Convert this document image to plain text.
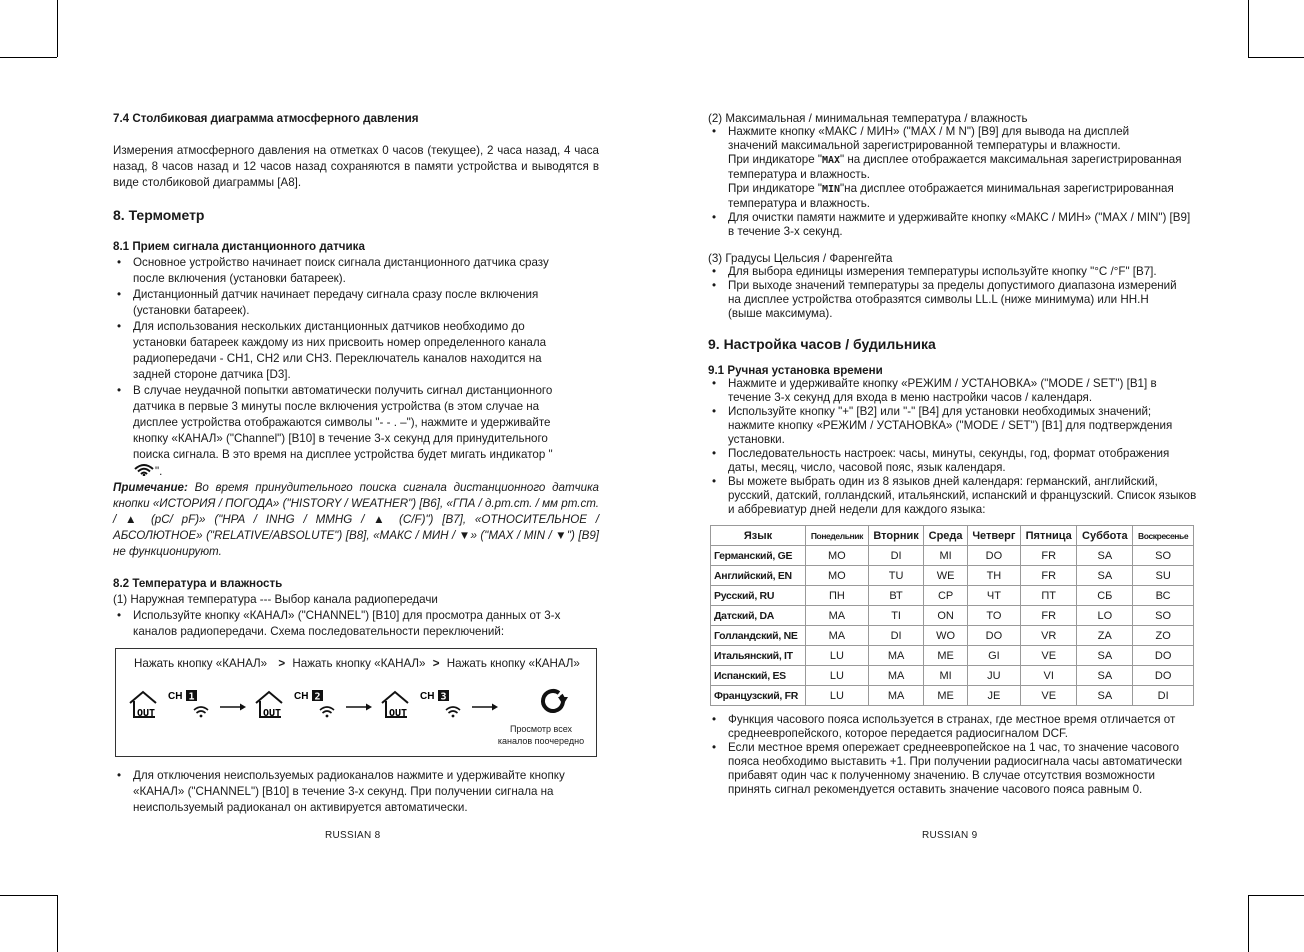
7.4 Столбиковая диаграмма атмосферного давления
Измерения атмосферного давления на отметках 0 часов (текущее), 2 часа назад, 4 часа назад, 8 часов назад и 12 часов назад сохраняются в памяти устройства и выводятся в виде столбиковой диаграммы [A8].
8. Термометр
8.1 Прием сигнала дистанционного датчика
• Основное устройство начинает поиск сигнала дистанционного датчика сразу после включения (установки батареек).
• Дистанционный датчик начинает передачу сигнала сразу после включения (установки батареек).
• Для использования нескольких дистанционных датчиков необходимо до установки батареек каждому из них присвоить номер определенного канала радиопередачи - CH1, CH2 или CH3. Переключатель каналов находится на задней стороне датчика [D3].
• В случае неудачной попытки автоматически получить сигнал дистанционного датчика в первые 3 минуты после включения устройства (в этом случае на дисплее устройства отображаются символы "- - . –"), нажмите и удерживайте кнопку «КАНАЛ» ("Channel") [B10] в течение 3-х секунд для принудительного поиска сигнала. В это время на дисплее устройства будет мигать индикатор "".
Примечание: Во время принудительного поиска сигнала дистанционного датчика кнопки «ИСТОРИЯ / ПОГОДА» ("HISTORY / WEATHER") [B6], «ГПА / д.рт.ст. / мм рт.ст. / ▲ (pC/ pF)» ("HPA / INHG / MMHG / ▲ (C/F)") [B7], «ОТНОСИТЕЛЬНОЕ / АБСОЛЮТНОЕ» ("RELATIVE/ABSOLUTE") [B8], «МАКС / МИН / ▼» ("MAX / MIN / ▼") [B9] не функционируют.
8.2 Температура и влажность
(1) Наружная температура --- Выбор канала радиопередачи
• Используйте кнопку «КАНАЛ» ("CHANNEL") [B10] для просмотра данных от 3-х каналов радиопередачи. Схема последовательности переключений:
Нажать кнопку «КАНАЛ» > Нажать кнопку «КАНАЛ» > Нажать кнопку «КАНАЛ»
OUT
CH 1
OUT
CH 2
OUT
CH 3
Просмотр всех
каналов поочередно
• Для отключения неиспользуемых радиоканалов нажмите и удерживайте кнопку «КАНАЛ» ("CHANNEL") [B10] в течение 3-х секунд. При получении сигнала на неиспользуемый радиоканал он активируется автоматически.
RUSSIAN 8
(2) Максимальная / минимальная температура / влажность
• Нажмите кнопку «МАКС / МИН» ("MAX / M N") [B9] для вывода на дисплей значений максимальной зарегистрированной температуры и влажности.
При индикаторе "MAX" на дисплее отображается максимальная зарегистрированная температура и влажность.
При индикаторе "MIN"на дисплее отображается минимальная зарегистрированная температура и влажность.
• Для очистки памяти нажмите и удерживайте кнопку «МАКС / МИН» ("MAX / MIN") [B9] в течение 3-х секунд.
(3) Градусы Цельсия / Фаренгейта
• Для выбора единицы измерения температуры используйте кнопку "°C /°F" [B7].
• При выходе значений температуры за пределы допустимого диапазона измерений на дисплее устройства отобразятся символы LL.L (ниже минимума) или HH.H (выше максимума).
9. Настройка часов / будильника
9.1 Ручная установка времени
• Нажмите и удерживайте кнопку «РЕЖИМ / УСТАНОВКА» ("MODE / SET") [B1] в течение 3-х секунд для входа в меню настройки часов / календаря.
• Используйте кнопку "+" [B2] или "-" [B4] для установки необходимых значений; нажмите кнопку «РЕЖИМ / УСТАНОВКА» ("MODE / SET") [B1] для подтверждения установки.
• Последовательность настроек: часы, минуты, секунды, год, формат отображения даты, месяц, число, часовой пояс, язык календаря.
• Вы можете выбрать один из 8 языков дней календаря: германский, английский, русский, датский, голландский, итальянский, испанский и французский. Список языков и аббревиатур дней недели для каждого языка:
Язык	Понедельник	Вторник	Среда	Четверг	Пятница	Суббота	Воскресенье
Германский, GE	MO	DI	MI	DO	FR	SA	SO
Английский, EN	MO	TU	WE	TH	FR	SA	SU
Русский, RU	ПН	ВТ	СР	ЧТ	ПТ	СБ	ВС
Датский, DA	MA	TI	ON	TO	FR	LO	SO
Голландский, NE	MA	DI	WO	DO	VR	ZA	ZO
Итальянский, IT	LU	MA	ME	GI	VE	SA	DO
Испанский, ES	LU	MA	MI	JU	VI	SA	DO
Французский, FR	LU	MA	ME	JE	VE	SA	DI
• Функция часового пояса используется в странах, где местное время отличается от среднеевропейского, которое передается радиосигналом DCF.
• Если местное время опережает среднеевропейское на 1 час, то значение часового пояса необходимо выставить +1. При получении радиосигнала часы автоматически прибавят один час к полученному значению. В случае отсутствия возможности принять сигнал рекомендуется оставить значение часового пояса равным 0.
RUSSIAN 9
